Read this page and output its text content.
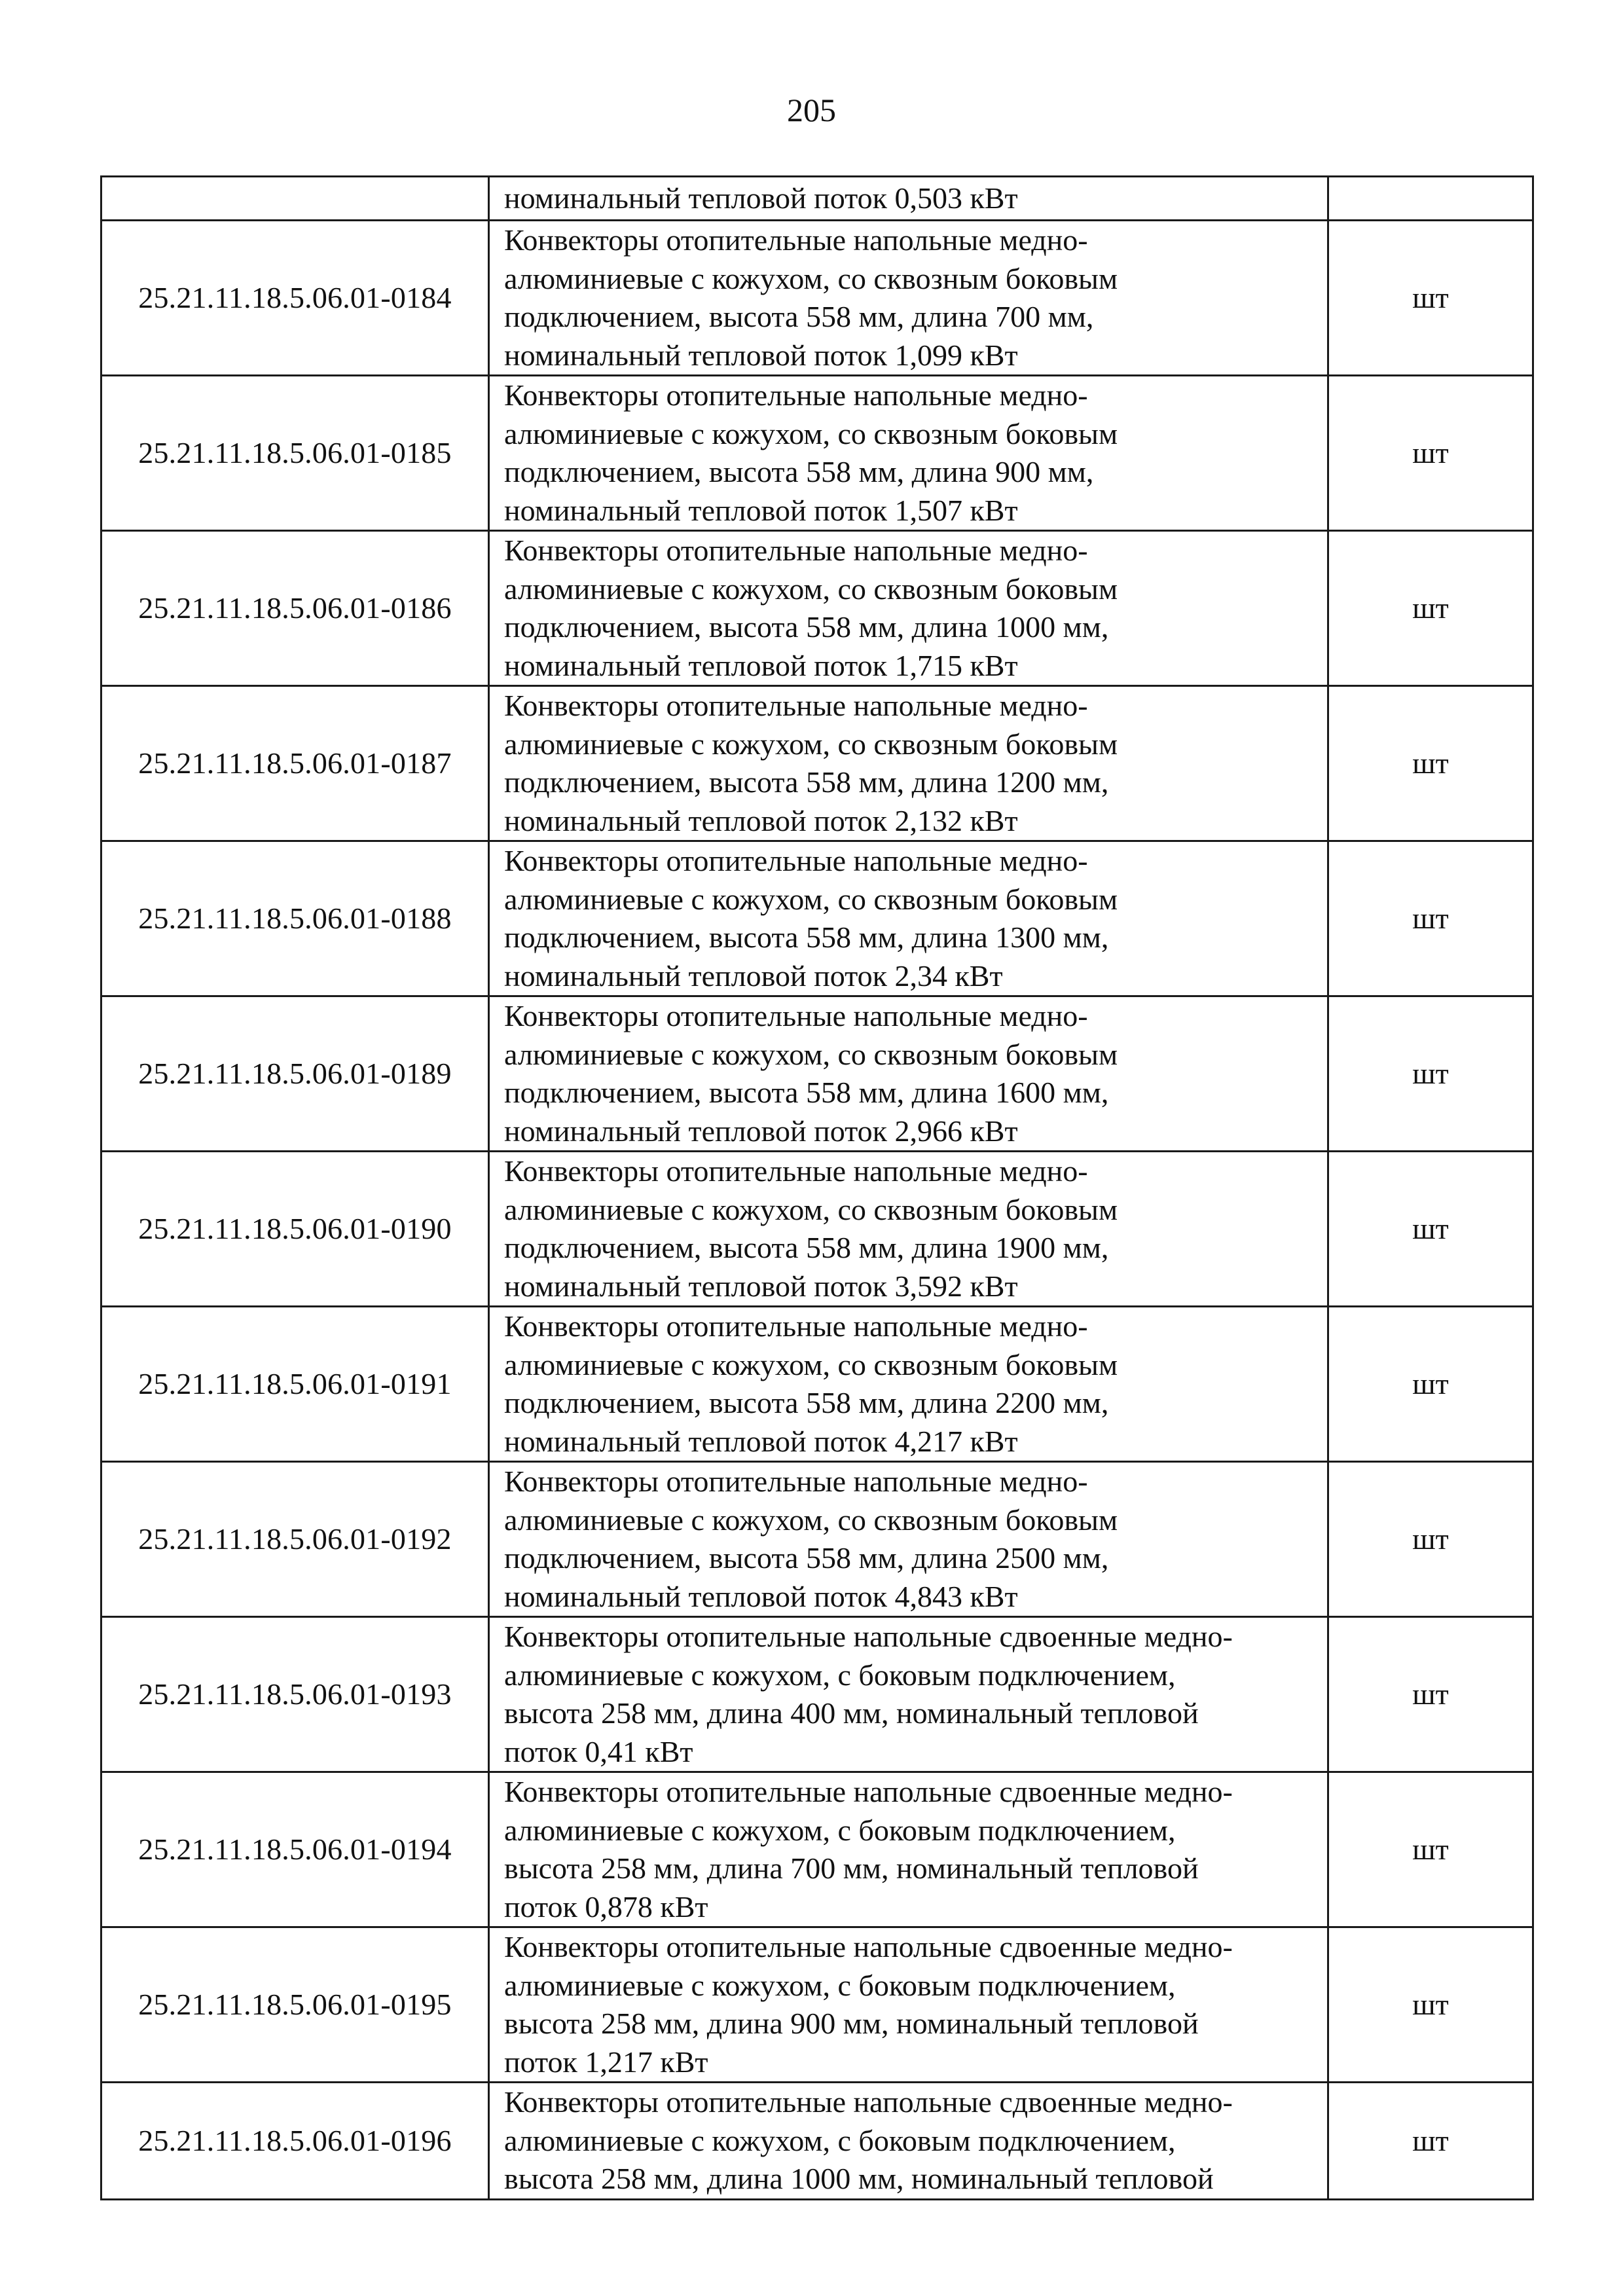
205

	номинальный тепловой поток 0,503 кВт	

25.21.11.18.5.06.01-0184	Конвекторы отопительные напольные медно-
алюминиевые с кожухом, со сквозным боковым
подключением, высота 558 мм, длина 700 мм,
номинальный тепловой поток 1,099 кВт	шт
25.21.11.18.5.06.01-0185	Конвекторы отопительные напольные медно-
алюминиевые с кожухом, со сквозным боковым
подключением, высота 558 мм, длина 900 мм,
номинальный тепловой поток 1,507 кВт	шт
25.21.11.18.5.06.01-0186	Конвекторы отопительные напольные медно-
алюминиевые с кожухом, со сквозным боковым
подключением, высота 558 мм, длина 1000 мм,
номинальный тепловой поток 1,715 кВт	шт
25.21.11.18.5.06.01-0187	Конвекторы отопительные напольные медно-
алюминиевые с кожухом, со сквозным боковым
подключением, высота 558 мм, длина 1200 мм,
номинальный тепловой поток 2,132 кВт	шт
25.21.11.18.5.06.01-0188	Конвекторы отопительные напольные медно-
алюминиевые с кожухом, со сквозным боковым
подключением, высота 558 мм, длина 1300 мм,
номинальный тепловой поток 2,34 кВт	шт
25.21.11.18.5.06.01-0189	Конвекторы отопительные напольные медно-
алюминиевые с кожухом, со сквозным боковым
подключением, высота 558 мм, длина 1600 мм,
номинальный тепловой поток 2,966 кВт	шт
25.21.11.18.5.06.01-0190	Конвекторы отопительные напольные медно-
алюминиевые с кожухом, со сквозным боковым
подключением, высота 558 мм, длина 1900 мм,
номинальный тепловой поток 3,592 кВт	шт
25.21.11.18.5.06.01-0191	Конвекторы отопительные напольные медно-
алюминиевые с кожухом, со сквозным боковым
подключением, высота 558 мм, длина 2200 мм,
номинальный тепловой поток 4,217 кВт	шт
25.21.11.18.5.06.01-0192	Конвекторы отопительные напольные медно-
алюминиевые с кожухом, со сквозным боковым
подключением, высота 558 мм, длина 2500 мм,
номинальный тепловой поток 4,843 кВт	шт
25.21.11.18.5.06.01-0193	Конвекторы отопительные напольные сдвоенные медно-
алюминиевые с кожухом, с боковым подключением,
высота 258 мм, длина 400 мм, номинальный тепловой
поток 0,41 кВт	шт
25.21.11.18.5.06.01-0194	Конвекторы отопительные напольные сдвоенные медно-
алюминиевые с кожухом, с боковым подключением,
высота 258 мм, длина 700 мм, номинальный тепловой
поток 0,878 кВт	шт
25.21.11.18.5.06.01-0195	Конвекторы отопительные напольные сдвоенные медно-
алюминиевые с кожухом, с боковым подключением,
высота 258 мм, длина 900 мм, номинальный тепловой
поток 1,217 кВт	шт
25.21.11.18.5.06.01-0196	Конвекторы отопительные напольные сдвоенные медно-
алюминиевые с кожухом, с боковым подключением,
высота 258 мм, длина 1000 мм, номинальный тепловой	шт
